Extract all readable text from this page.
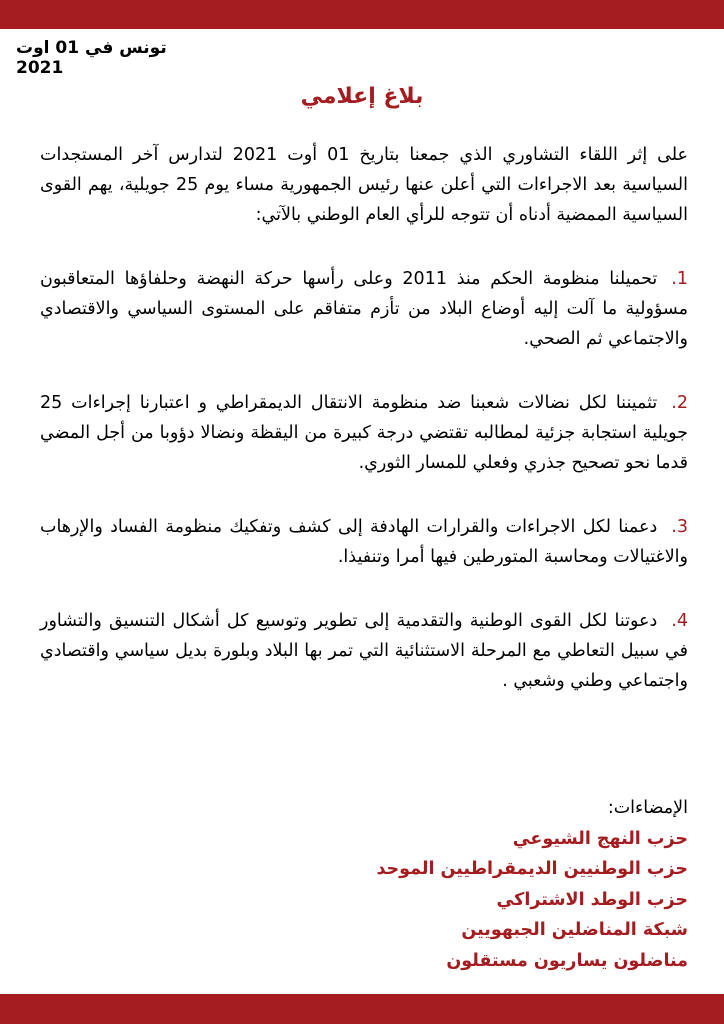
تونس في 01 اوت 2021
بلاغ إعلامي

على إثر اللقاء التشاوري الذي جمعنا بتاريخ 01 أوت 2021 لتدارس آخر المستجدات السياسية بعد الاجراءات التي أعلن عنها رئيس الجمهورية مساء يوم 25 جويلية، يهم القوى السياسية الممضية أدناه أن تتوجه للرأي العام الوطني بالآتي:

1.تحميلنا منظومة الحكم منذ 2011 وعلى رأسها حركة النهضة وحلفاؤها المتعاقبون مسؤولية ما آلت إليه أوضاع البلاد من تأزم متفاقم على المستوى السياسي والاقتصادي والاجتماعي ثم الصحي.

2.تثميننا لكل نضالات شعبنا ضد منظومة الانتقال الديمقراطي و اعتبارنا إجراءات 25 جويلية استجابة جزئية لمطالبه تقتضي درجة كبيرة من اليقظة ونضالا دؤوبا من أجل المضي قدما نحو تصحيح جذري وفعلي للمسار الثوري.

3.دعمنا لكل الاجراءات والقرارات الهادفة إلى كشف وتفكيك منظومة الفساد والإرهاب والاغتيالات ومحاسبة المتورطين فيها أمرا وتنفيذا.

4.دعوتنا لكل القوى الوطنية والتقدمية إلى تطوير وتوسيع كل أشكال التنسيق والتشاور في سبيل التعاطي مع المرحلة الاستثنائية التي تمر بها البلاد وبلورة بديل سياسي واقتصادي واجتماعي وطني وشعبي .

الإمضاءات:
حزب النهج الشيوعي
حزب الوطنيين الديمقراطيين الموحد
حزب الوطد الاشتراكي
شبكة المناضلين الجبهويين
مناضلون يساريون مستقلون
